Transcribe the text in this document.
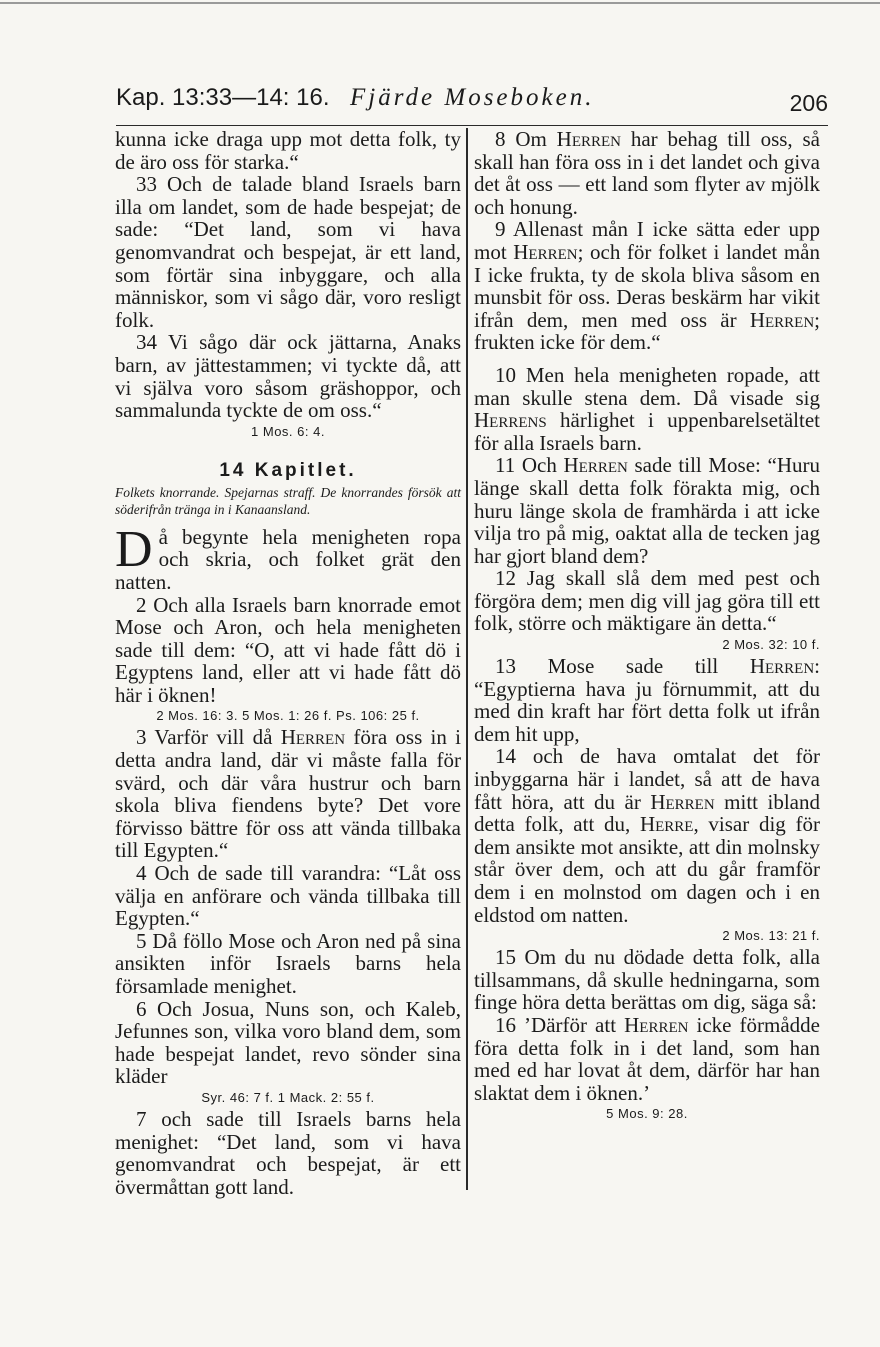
Kap. 13:33—14: 16. Fjärde Moseboken.	206

kunna icke draga upp mot detta folk, ty de äro oss för starka.“

33 Och de talade bland Israels barn illa om landet, som de hade bespejat; de sade: “Det land, som vi hava genomvandrat och bespejat, är ett land, som förtär sina inbyggare, och alla människor, som vi sågo där, voro resligt folk.

34 Vi sågo där ock jättarna, Anaks barn, av jättestammen; vi tyckte då, att vi själva voro såsom gräshoppor, och sammalunda tyckte de om oss.“

1 Mos. 6: 4.

14 Kapitlet.

Folkets knorrande. Spejarnas straff. De knorrandes försök att söderifrån tränga in i Kanaansland.

Då begynte hela menigheten ropa och skria, och folket grät den natten.

2 Och alla Israels barn knorrade emot Mose och Aron, och hela menigheten sade till dem: “O, att vi hade fått dö i Egyptens land, eller att vi hade fått dö här i öknen!

2 Mos. 16: 3. 5 Mos. 1: 26 f. Ps. 106: 25 f.

3 Varför vill då Herren föra oss in i detta andra land, där vi måste falla för svärd, och där våra hustrur och barn skola bliva fiendens byte? Det vore förvisso bättre för oss att vända tillbaka till Egypten.“

4 Och de sade till varandra: “Låt oss välja en anförare och vända tillbaka till Egypten.“

5 Då föllo Mose och Aron ned på sina ansikten inför Israels barns hela församlade menighet.

6 Och Josua, Nuns son, och Kaleb, Jefunnes son, vilka voro bland dem, som hade bespejat landet, revo sönder sina kläder

Syr. 46: 7 f. 1 Mack. 2: 55 f.

7 och sade till Israels barns hela menighet: “Det land, som vi hava genomvandrat och bespejat, är ett övermåttan gott land.

8 Om Herren har behag till oss, så skall han föra oss in i det landet och giva det åt oss — ett land som flyter av mjölk och honung.

9 Allenast mån I icke sätta eder upp mot Herren; och för folket i landet mån I icke frukta, ty de skola bliva såsom en munsbit för oss. Deras beskärm har vikit ifrån dem, men med oss är Herren; frukten icke för dem.“

10 Men hela menigheten ropade, att man skulle stena dem. Då visade sig Herrens härlighet i uppenbarelsetältet för alla Israels barn.

11 Och Herren sade till Mose: “Huru länge skall detta folk förakta mig, och huru länge skola de framhärda i att icke vilja tro på mig, oaktat alla de tecken jag har gjort bland dem?

12 Jag skall slå dem med pest och förgöra dem; men dig vill jag göra till ett folk, större och mäktigare än detta.“

2 Mos. 32: 10 f.

13 Mose sade till Herren: “Egyptierna hava ju förnummit, att du med din kraft har fört detta folk ut ifrån dem hit upp,

14 och de hava omtalat det för inbyggarna här i landet, så att de hava fått höra, att du är Herren mitt ibland detta folk, att du, Herre, visar dig för dem ansikte mot ansikte, att din molnsky står över dem, och att du går framför dem i en molnstod om dagen och i en eldstod om natten.

2 Mos. 13: 21 f.

15 Om du nu dödade detta folk, alla tillsammans, då skulle hedningarna, som finge höra detta berättas om dig, säga så:

16 ’Därför att Herren icke förmådde föra detta folk in i det land, som han med ed har lovat åt dem, därför har han slaktat dem i öknen.’

5 Mos. 9: 28.
